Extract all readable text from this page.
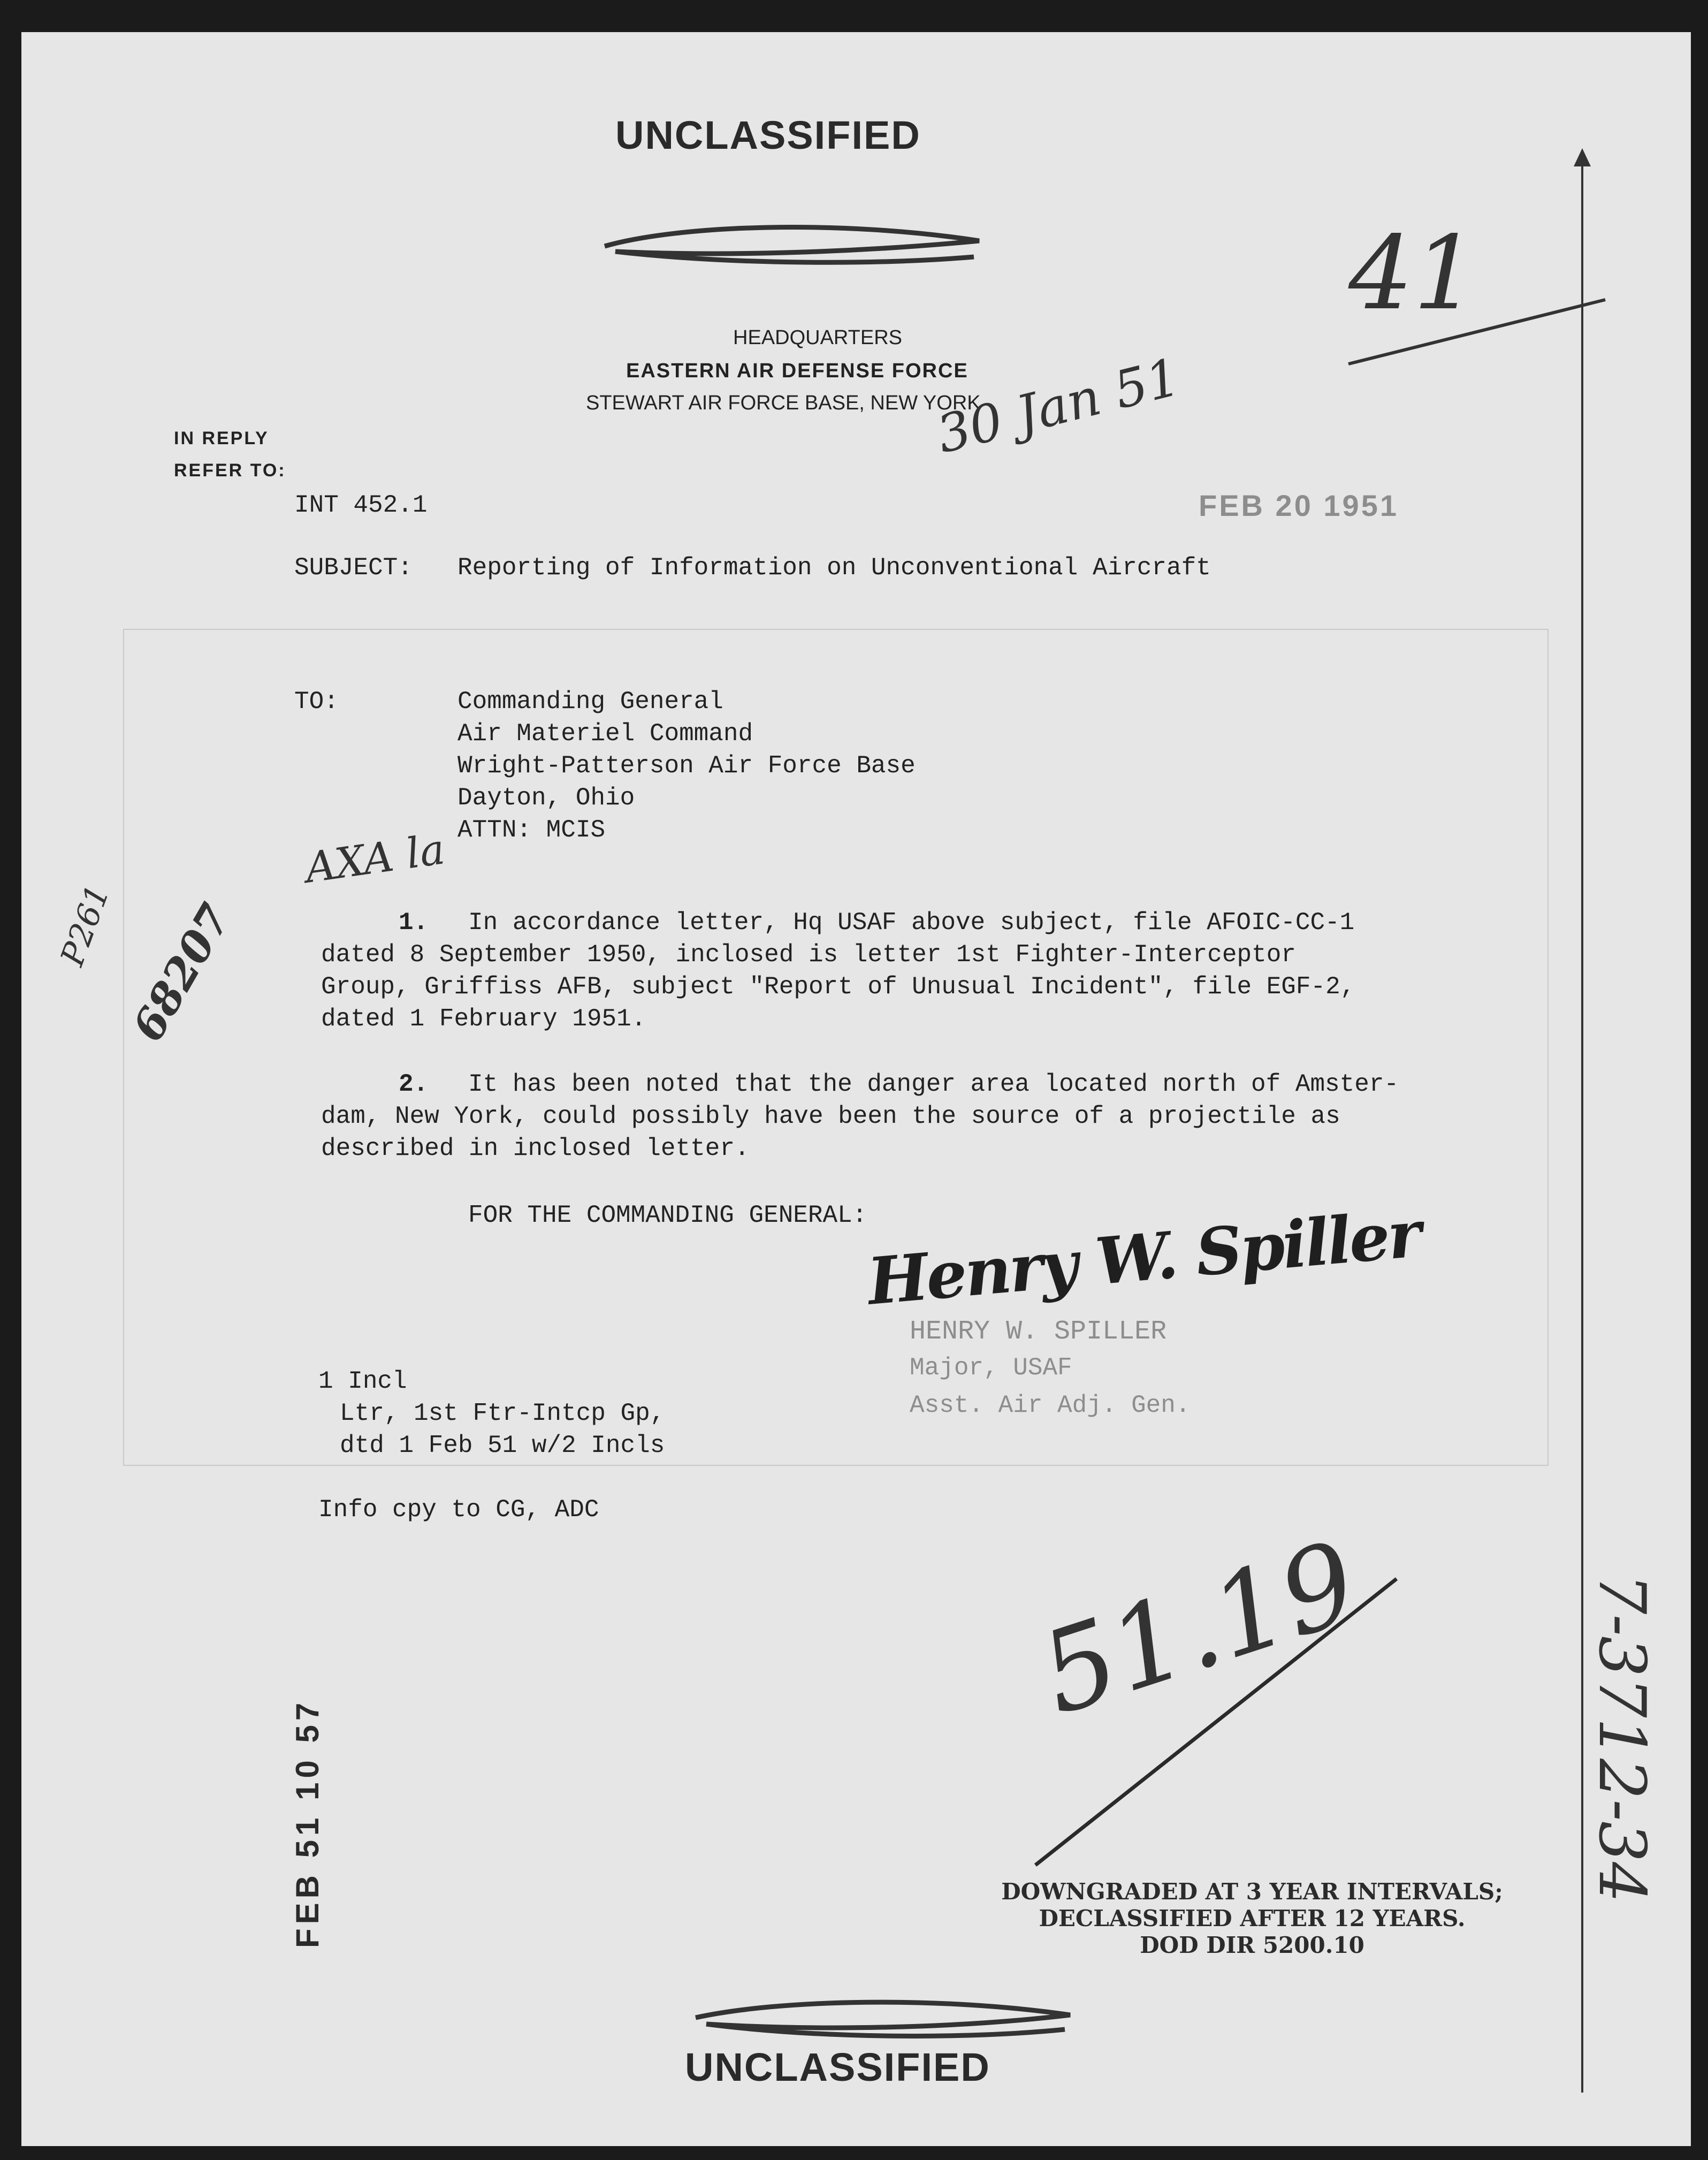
UNCLASSIFIED
HEADQUARTERS
EASTERN AIR DEFENSE FORCE
STEWART AIR FORCE BASE, NEW YORK
41
IN REPLY
REFER TO:
INT 452.1
30 Jan 51
FEB 20 1951
SUBJECT: Reporting of Information on Unconventional Aircraft
TO:	Commanding General
Air Materiel Command
Wright-Patterson Air Force Base
Dayton, Ohio
ATTN: MCIS
AXA la
P261 68207	1. In accordance letter, Hq USAF above subject, file AFOIC-CC-1
dated 8 September 1950, inclosed is letter 1st Fighter-Interceptor
Group, Griffiss AFB, subject "Report of Unusual Incident", file EGF-2,
dated 1 February 1951.
2. It has been noted that the danger area located north of Amster-
dam, New York, could possibly have been the source of a projectile as
described in inclosed letter.
FOR THE COMMANDING GENERAL:
Henry W. Spiller
HENRY W. SPILLER
Major, USAF
Asst. Air Adj. Gen.
1 Incl
Ltr, 1st Ftr-Intcp Gp,
dtd 1 Feb 51 w/2 Incls
Info cpy to CG, ADC
FEB 51 10 57
51.19
DOWNGRADED AT 3 YEAR INTERVALS;
DECLASSIFIED AFTER 12 YEARS.
DOD DIR 5200.10
7-3712-34
UNCLASSIFIED
